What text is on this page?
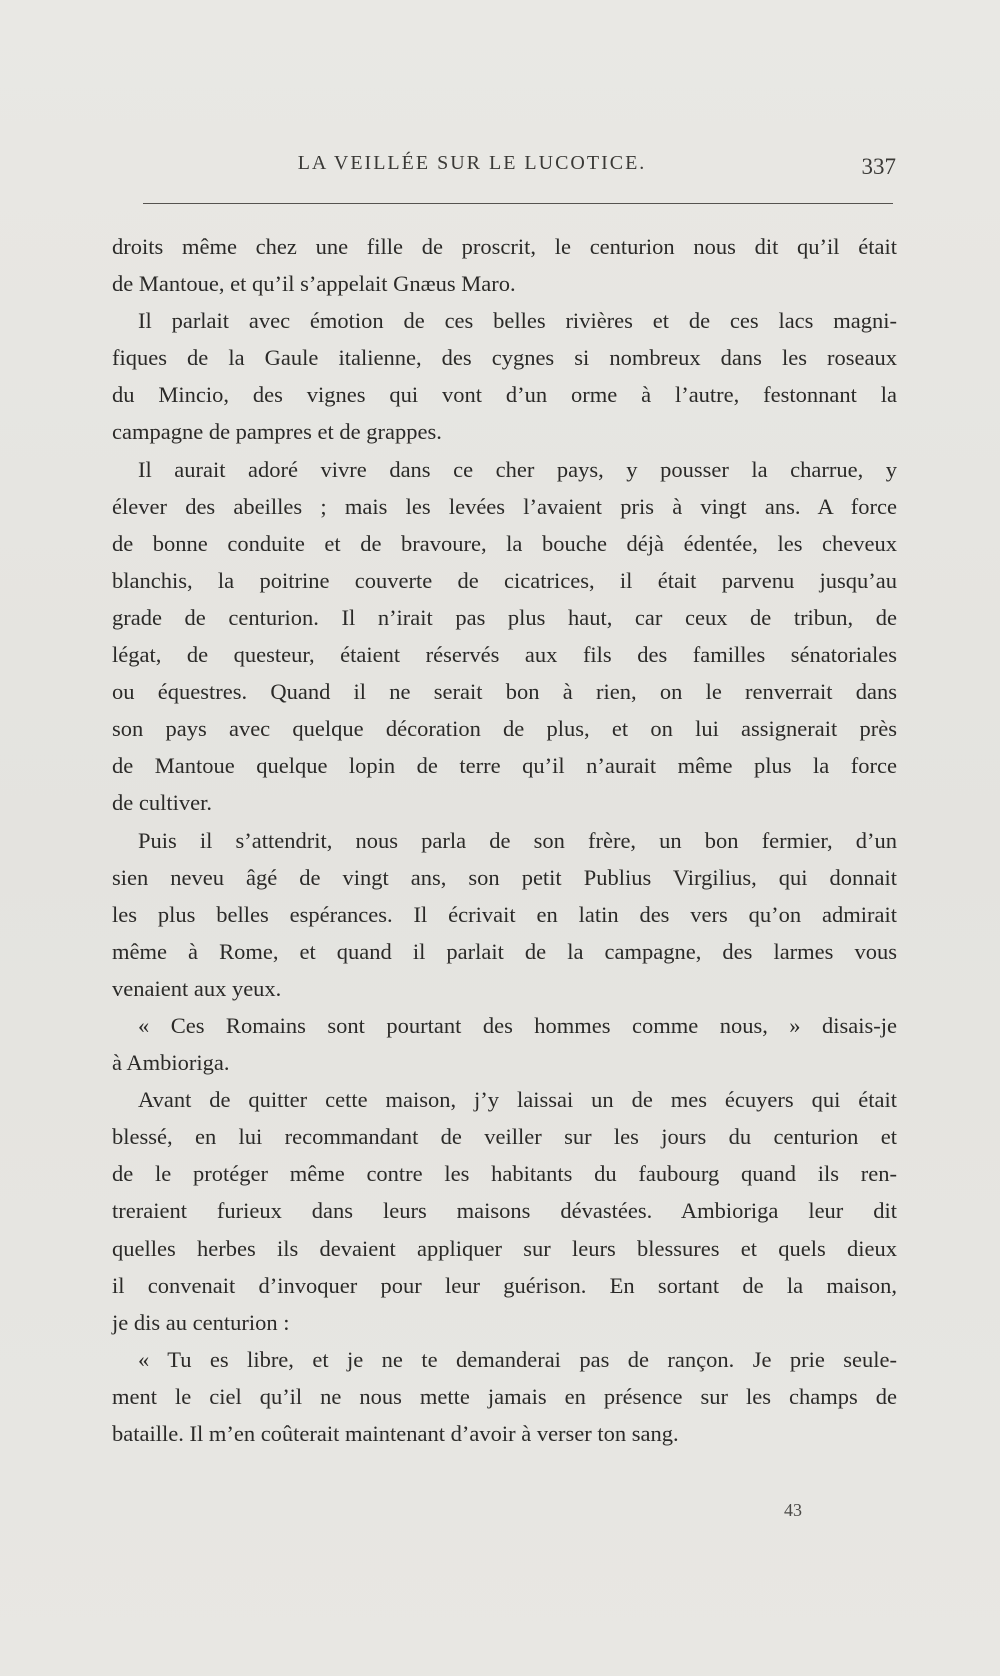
LA VEILLÉE SUR LE LUCOTICE.	337
droits même chez une fille de proscrit, le centurion nous dit qu’il était
de Mantoue, et qu’il s’appelait Gnæus Maro.
Il parlait avec émotion de ces belles rivières et de ces lacs magni-
fiques de la Gaule italienne, des cygnes si nombreux dans les roseaux
du Mincio, des vignes qui vont d’un orme à l’autre, festonnant la
campagne de pampres et de grappes.
Il aurait adoré vivre dans ce cher pays, y pousser la charrue, y
élever des abeilles ; mais les levées l’avaient pris à vingt ans. A force
de bonne conduite et de bravoure, la bouche déjà édentée, les cheveux
blanchis, la poitrine couverte de cicatrices, il était parvenu jusqu’au
grade de centurion. Il n’irait pas plus haut, car ceux de tribun, de
légat, de questeur, étaient réservés aux fils des familles sénatoriales
ou équestres. Quand il ne serait bon à rien, on le renverrait dans
son pays avec quelque décoration de plus, et on lui assignerait près
de Mantoue quelque lopin de terre qu’il n’aurait même plus la force
de cultiver.
Puis il s’attendrit, nous parla de son frère, un bon fermier, d’un
sien neveu âgé de vingt ans, son petit Publius Virgilius, qui donnait
les plus belles espérances. Il écrivait en latin des vers qu’on admirait
même à Rome, et quand il parlait de la campagne, des larmes vous
venaient aux yeux.
« Ces Romains sont pourtant des hommes comme nous, » disais-je
à Ambioriga.
Avant de quitter cette maison, j’y laissai un de mes écuyers qui était
blessé, en lui recommandant de veiller sur les jours du centurion et
de le protéger même contre les habitants du faubourg quand ils ren-
treraient furieux dans leurs maisons dévastées. Ambioriga leur dit
quelles herbes ils devaient appliquer sur leurs blessures et quels dieux
il convenait d’invoquer pour leur guérison. En sortant de la maison,
je dis au centurion :
« Tu es libre, et je ne te demanderai pas de rançon. Je prie seule-
ment le ciel qu’il ne nous mette jamais en présence sur les champs de
bataille. Il m’en coûterait maintenant d’avoir à verser ton sang.
43
